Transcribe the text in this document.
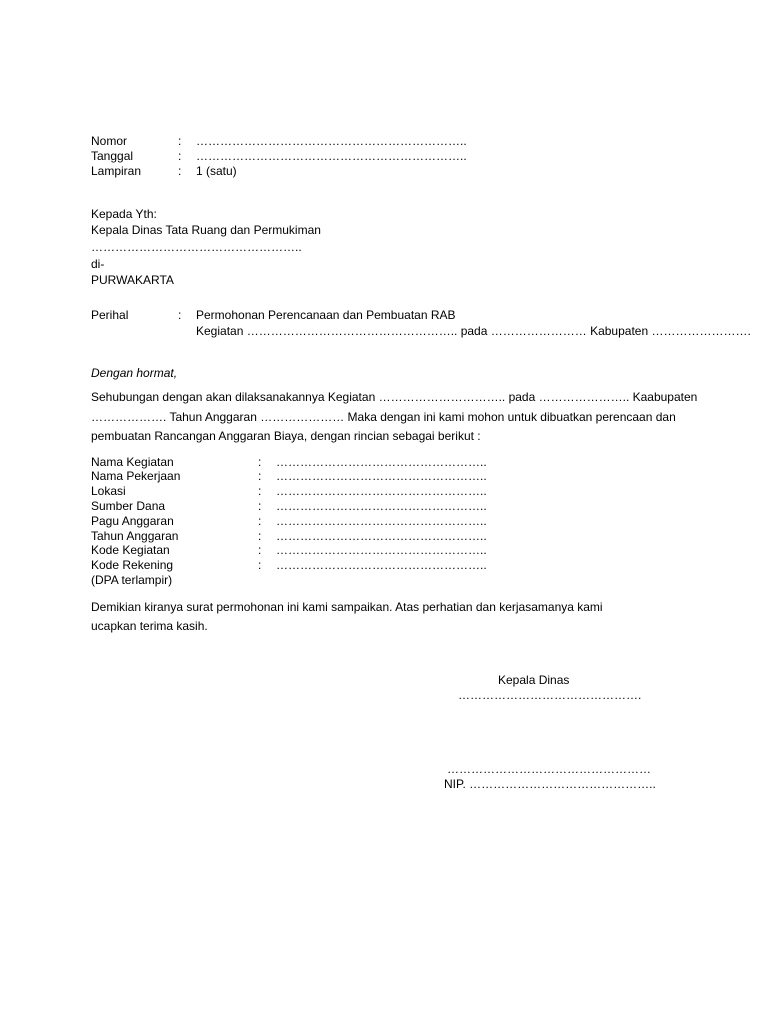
Nomor	: …………………………………………………………..
Tanggal	: …………………………………………………………..
Lampiran	: 1 (satu)
Kepada Yth:
Kepala Dinas Tata Ruang dan Permukiman
……………………………………………..
di-
PURWAKARTA
Perihal	: Permohonan Perencanaan dan Pembuatan RAB
Kegiatan …………………………………………….. pada …………………… Kabupaten …………………….
Dengan hormat,
Sehubungan dengan akan dilaksanakannya Kegiatan ………………………….. pada ………………….. Kaabupaten
………………. Tahun Anggaran ………………… Maka dengan ini kami mohon untuk dibuatkan perencaan dan
pembuatan Rancangan Anggaran Biaya, dengan rincian sebagai berikut :
Nama Kegiatan	: ……………………………………………..
Nama Pekerjaan	: ……………………………………………..
Lokasi	: ……………………………………………..
Sumber Dana	: ……………………………………………..
Pagu Anggaran	: ……………………………………………..
Tahun Anggaran	: ……………………………………………..
Kode Kegiatan	: ……………………………………………..
Kode Rekening	: ……………………………………………..
(DPA terlampir)
Demikian kiranya surat permohonan ini kami sampaikan. Atas perhatian dan kerjasamanya kami
ucapkan terima kasih.
Kepala Dinas
……………………………………….
……………………………………………
NIP. ………………………………………..
